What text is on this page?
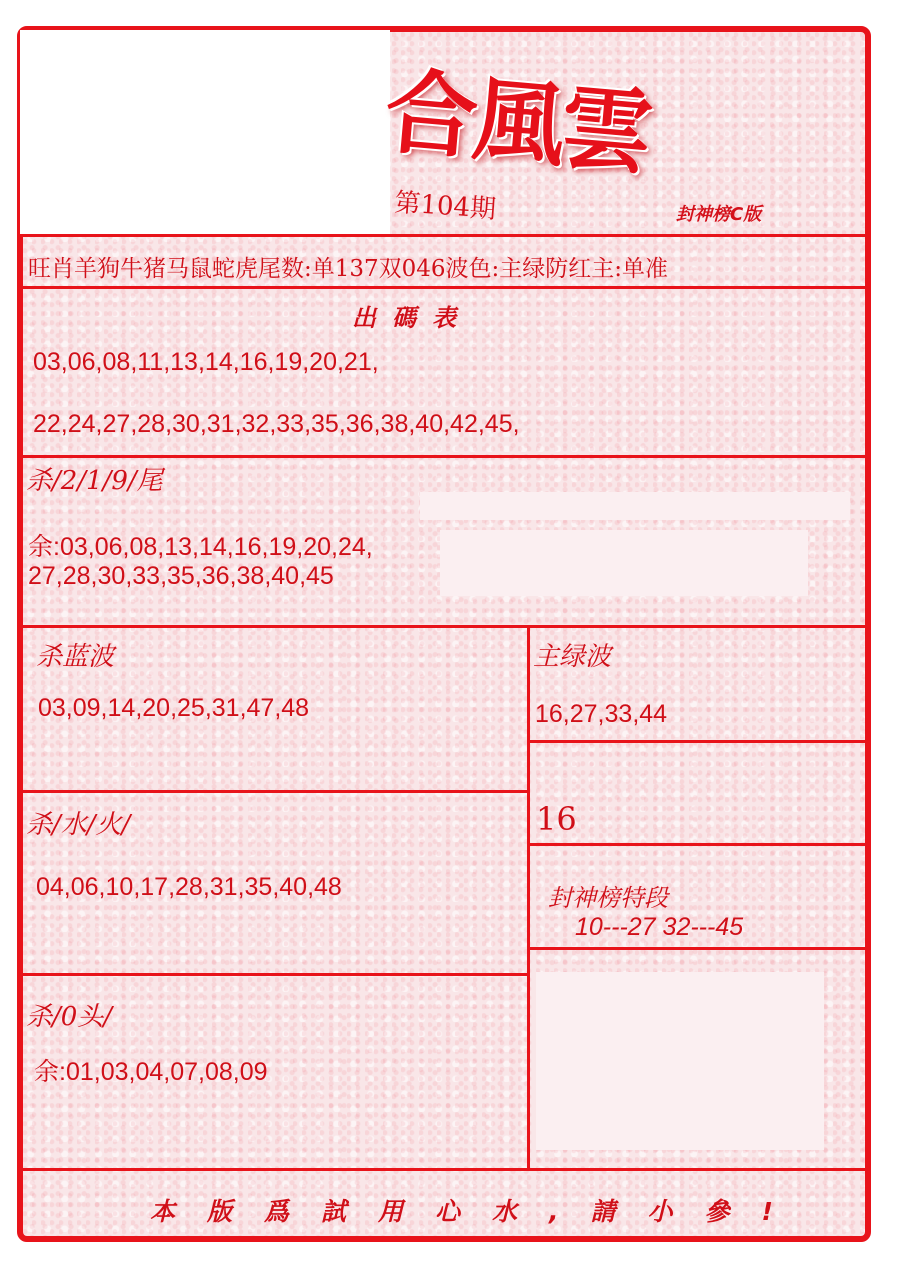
合風雲
第104期	封神榜C版
旺肖羊狗牛猪马鼠蛇虎尾数:单137双046波色:主绿防红主:单准
出碼表
03,06,08,11,13,14,16,19,20,21,
22,24,27,28,30,31,32,33,35,36,38,40,42,45,
杀/2/1/9/尾
余:03,06,08,13,14,16,19,20,24,
27,28,30,33,35,36,38,40,45
杀蓝波
03,09,14,20,25,31,47,48
主绿波
16,27,33,44
杀/水/火/
04,06,10,17,28,31,35,40,48
16
封神榜特段
10---27 32---45
杀/0头/
余:01,03,04,07,08,09
本版爲試用心水,請小參!
